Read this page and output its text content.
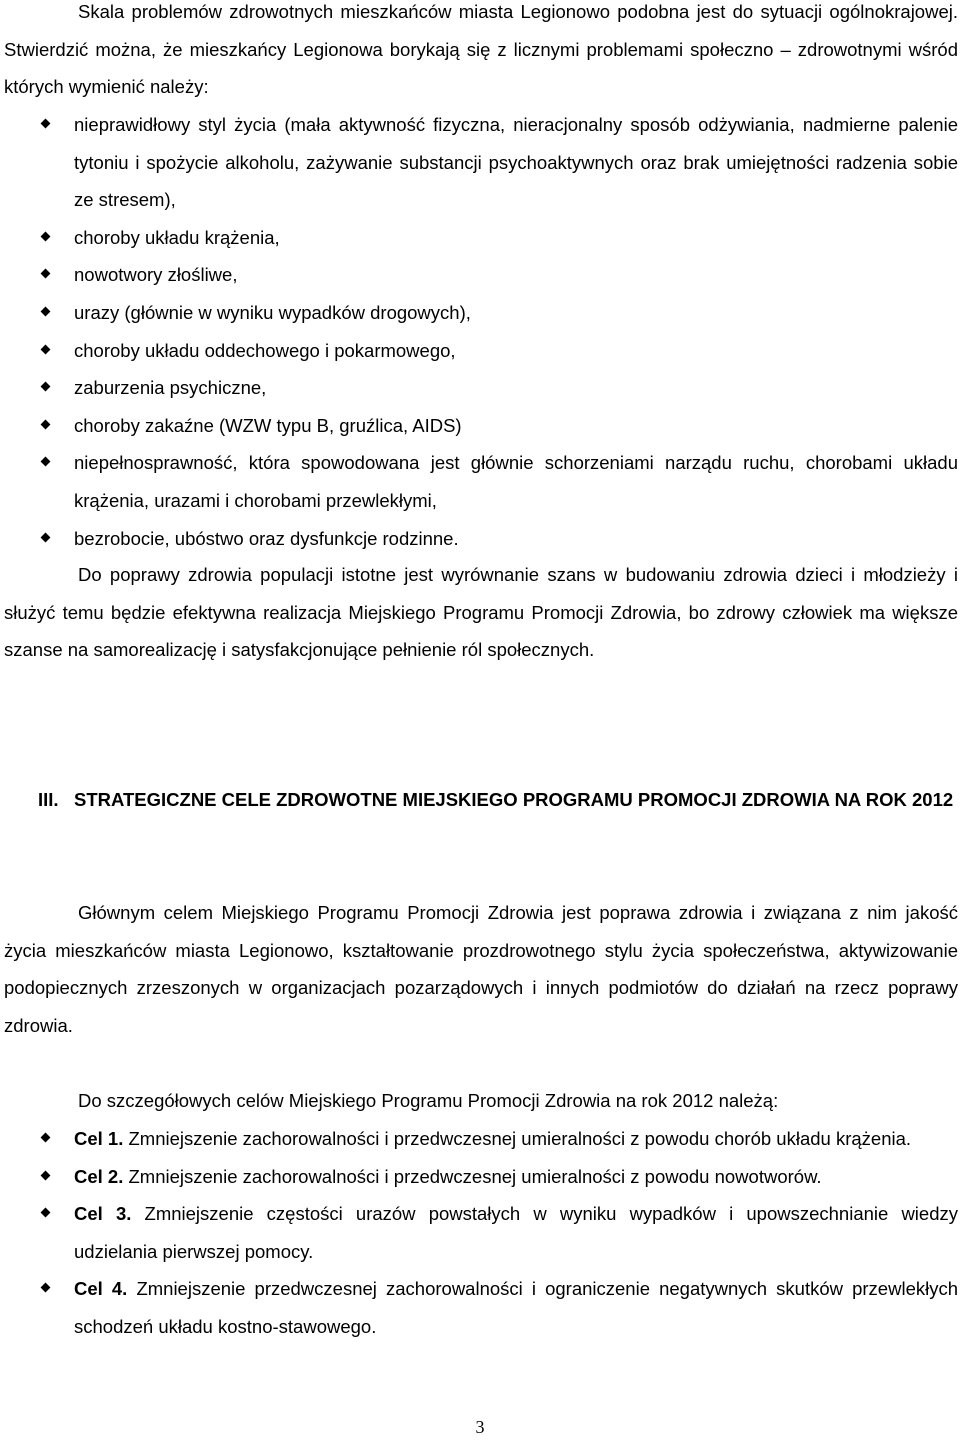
Skala problemów zdrowotnych mieszkańców miasta Legionowo podobna jest do sytuacji ogólnokrajowej. Stwierdzić można, że mieszkańcy Legionowa borykają się z licznymi problemami społeczno – zdrowotnymi wśród których wymienić należy:

nieprawidłowy styl życia (mała aktywność fizyczna, nieracjonalny sposób odżywiania, nadmierne palenie tytoniu i spożycie alkoholu, zażywanie substancji psychoaktywnych oraz brak umiejętności radzenia sobie ze stresem),
choroby układu krążenia,
nowotwory złośliwe,
urazy (głównie w wyniku wypadków drogowych),
choroby układu oddechowego i pokarmowego,
zaburzenia psychiczne,
choroby zakaźne (WZW typu B, gruźlica, AIDS)
niepełnosprawność, która spowodowana jest głównie schorzeniami narządu ruchu, chorobami układu krążenia, urazami i chorobami przewlekłymi,
bezrobocie, ubóstwo oraz dysfunkcje rodzinne.

Do poprawy zdrowia populacji istotne jest wyrównanie szans w budowaniu zdrowia dzieci i młodzieży i służyć temu będzie efektywna realizacja Miejskiego Programu Promocji Zdrowia, bo zdrowy człowiek ma większe szanse na samorealizację i satysfakcjonujące pełnienie ról społecznych.

III. STRATEGICZNE CELE ZDROWOTNE MIEJSKIEGO PROGRAMU PROMOCJI ZDROWIA NA ROK 2012

Głównym celem Miejskiego Programu Promocji Zdrowia jest poprawa zdrowia i związana z nim jakość życia mieszkańców miasta Legionowo, kształtowanie prozdrowotnego stylu życia społeczeństwa, aktywizowanie podopiecznych zrzeszonych w organizacjach pozarządowych i innych podmiotów do działań na rzecz poprawy zdrowia.

Do szczegółowych celów Miejskiego Programu Promocji Zdrowia na rok 2012 należą:

Cel 1. Zmniejszenie zachorowalności i przedwczesnej umieralności z powodu chorób układu krążenia.
Cel 2. Zmniejszenie zachorowalności i przedwczesnej umieralności z powodu nowotworów.
Cel 3. Zmniejszenie częstości urazów powstałych w wyniku wypadków i upowszechnianie wiedzy udzielania pierwszej pomocy.
Cel 4. Zmniejszenie przedwczesnej zachorowalności i ograniczenie negatywnych skutków przewlekłych schodzeń układu kostno-stawowego.
3
